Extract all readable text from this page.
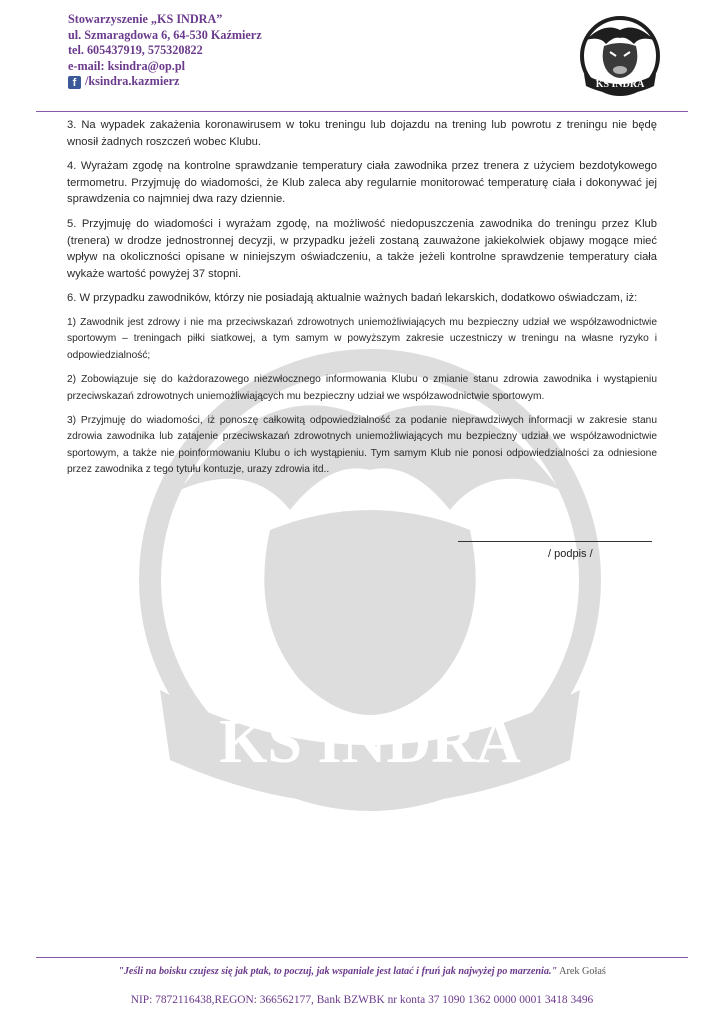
Stowarzyszenie „KS INDRA”
ul. Szmaragdowa 6, 64-530 Kaźmierz
tel. 605437919, 575320822
e-mail: ksindra@op.pl
f /ksindra.kazmierz	KS INDRA
KS INDRA

3. Na wypadek zakażenia koronawirusem w toku treningu lub dojazdu na trening lub powrotu z treningu nie będę wnosił żadnych roszczeń wobec Klubu.

4. Wyrażam zgodę na kontrolne sprawdzanie temperatury ciała zawodnika przez trenera z użyciem bezdotykowego termometru. Przyjmuję do wiadomości, że Klub zaleca aby regularnie monitorować temperaturę ciała i dokonywać jej sprawdzenia co najmniej dwa razy dziennie.

5. Przyjmuję do wiadomości i wyrażam zgodę, na możliwość niedopuszczenia zawodnika do treningu przez Klub (trenera) w drodze jednostronnej decyzji, w przypadku jeżeli zostaną zauważone jakiekolwiek objawy mogące mieć wpływ na okoliczności opisane w niniejszym oświadczeniu, a także jeżeli kontrolne sprawdzenie temperatury ciała wykaże wartość powyżej 37 stopni.

6. W przypadku zawodników, którzy nie posiadają aktualnie ważnych badań lekarskich, dodatkowo oświadczam, iż:

1) Zawodnik jest zdrowy i nie ma przeciwskazań zdrowotnych uniemożliwiających mu bezpieczny udział we współzawodnictwie sportowym – treningach piłki siatkowej, a tym samym w powyższym zakresie uczestniczy w treningu na własne ryzyko i odpowiedzialność;

2) Zobowiązuje się do każdorazowego niezwłocznego informowania Klubu o zmianie stanu zdrowia zawodnika i wystąpieniu przeciwskazań zdrowotnych uniemożliwiających mu bezpieczny udział we współzawodnictwie sportowym.

3) Przyjmuję do wiadomości, iż ponoszę całkowitą odpowiedzialność za podanie nieprawdziwych informacji w zakresie stanu zdrowia zawodnika lub zatajenie przeciwskazań zdrowotnych uniemożliwiających mu bezpieczny udział we współzawodnictwie sportowym, a także nie poinformowaniu Klubu o ich wystąpieniu. Tym samym Klub nie ponosi odpowiedzialności za odniesione przez zawodnika z tego tytułu kontuzje, urazy zdrowia itd..

/ podpis /
"Jeśli na boisku czujesz się jak ptak, to poczuj, jak wspaniale jest latać i fruń jak najwyżej po marzenia." Arek Gołaś
NIP: 7872116438,REGON: 366562177, Bank BZWBK nr konta 37 1090 1362 0000 0001 3418 3496
